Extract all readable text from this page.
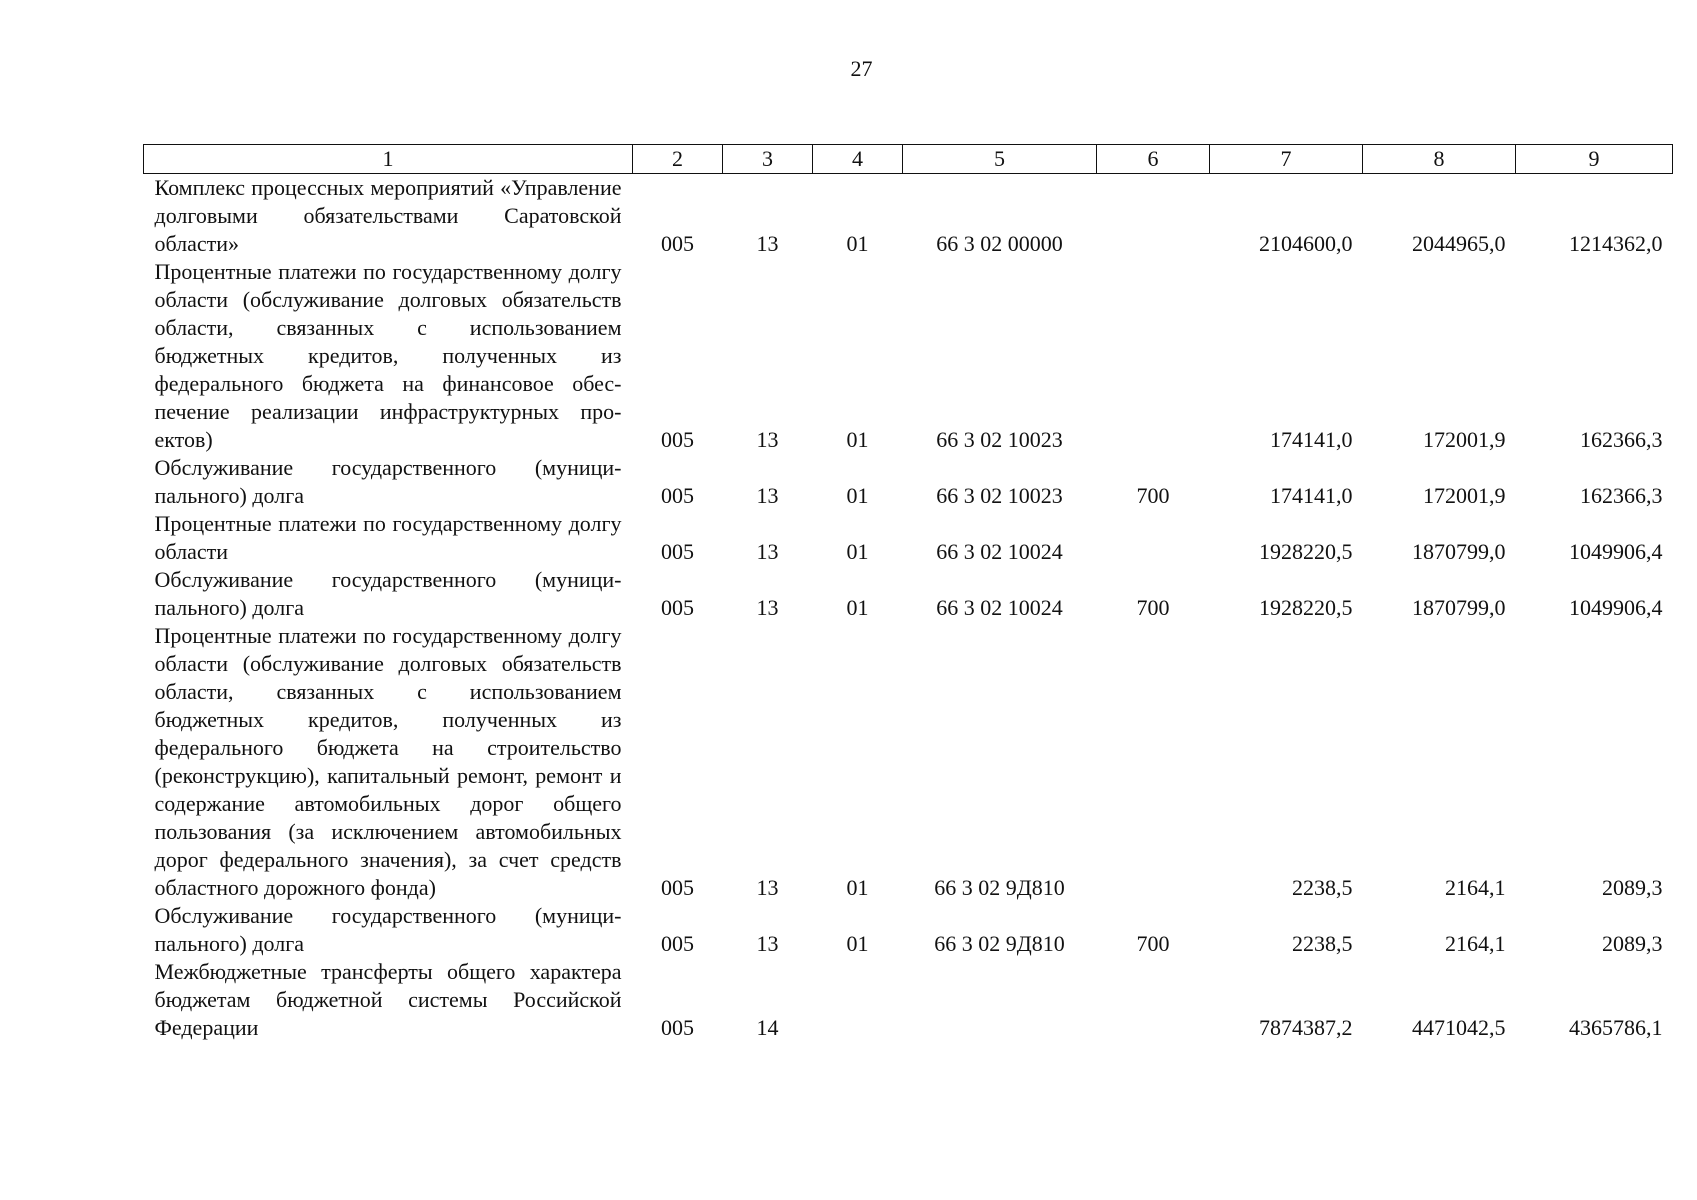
27
1	2	3	4	5	6	7	8	9
Комплекс процессных мероприятий «Управление долговыми обязательствами Саратовской области»	005	13	01	66 3 02 00000		2104600,0	2044965,0	1214362,0
Процентные платежи по государственному долгу области (обслуживание долговых обязательств области, связанных с использованием бюджетных кредитов, полученных из федерального бюджета на финансовое обеспечение реализации инфраструктурных проектов)	005	13	01	66 3 02 10023		174141,0	172001,9	162366,3
Обслуживание государственного (муниципального) долга	005	13	01	66 3 02 10023	700	174141,0	172001,9	162366,3
Процентные платежи по государственному долгу области	005	13	01	66 3 02 10024		1928220,5	1870799,0	1049906,4
Обслуживание государственного (муниципального) долга	005	13	01	66 3 02 10024	700	1928220,5	1870799,0	1049906,4
Процентные платежи по государственному долгу области (обслуживание долговых обязательств области, связанных с использованием бюджетных кредитов, полученных из федерального бюджета на строительство (реконструкцию), капитальный ремонт, ремонт и содержание автомобильных дорог общего пользования (за исключением автомобильных дорог федерального значения), за счет средств областного дорожного фонда)	005	13	01	66 3 02 9Д810		2238,5	2164,1	2089,3
Обслуживание государственного (муниципального) долга	005	13	01	66 3 02 9Д810	700	2238,5	2164,1	2089,3
Межбюджетные трансферты общего характера бюджетам бюджетной системы Российской Федерации	005	14				7874387,2	4471042,5	4365786,1
